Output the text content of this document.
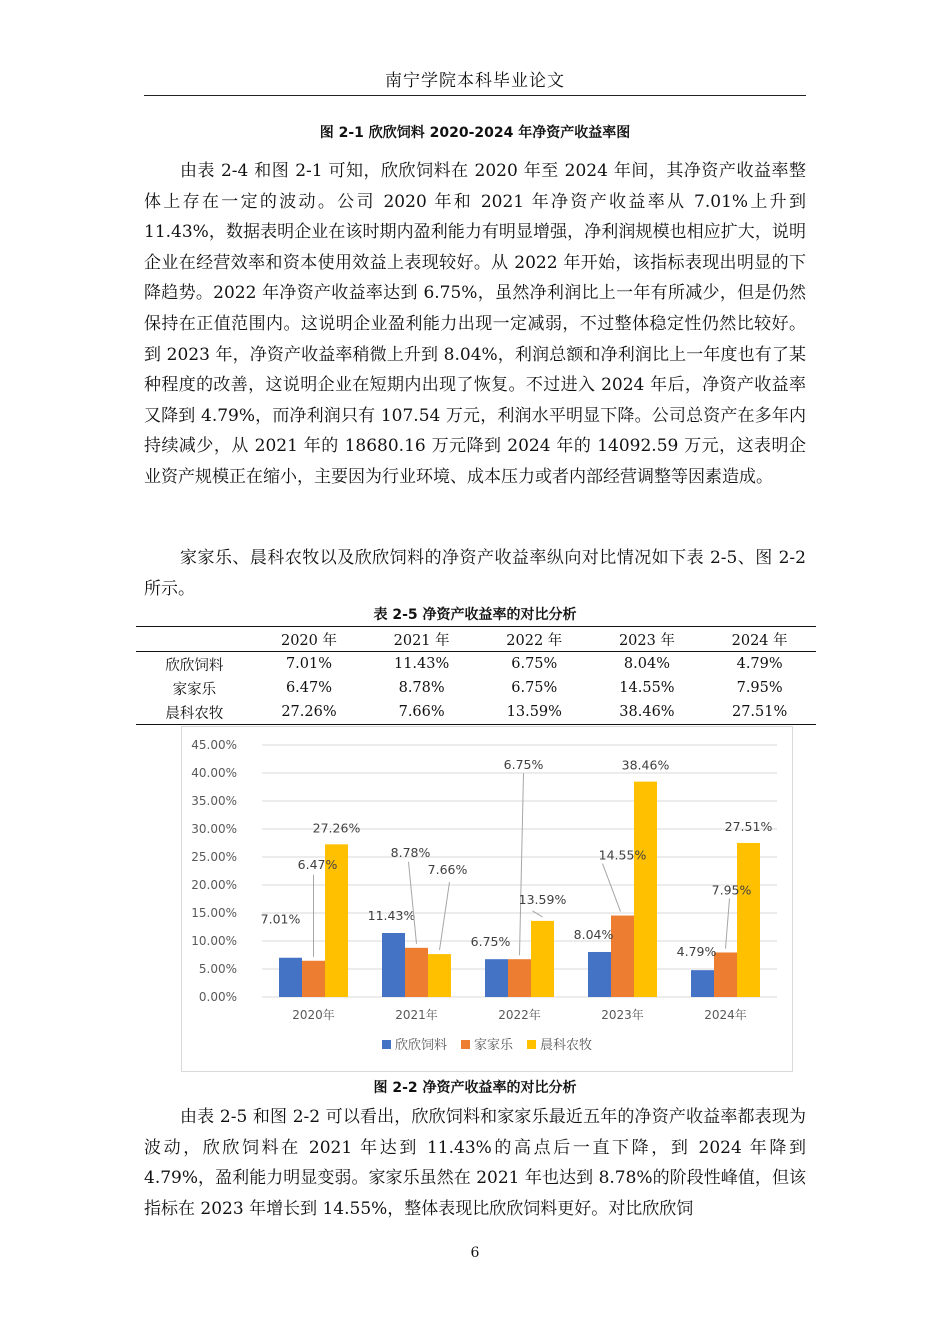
南宁学院本科毕业论文
图 2-1 欣欣饲料 2020-2024 年净资产收益率图

由表 2-4 和图 2-1 可知，欣欣饲料在 2020 年至 2024 年间，其净资产收益率整体上存在一定的波动。公司 2020 年和 2021 年净资产收益率从 7.01%上升到 11.43%，数据表明企业在该时期内盈利能力有明显增强，净利润规模也相应扩大，说明企业在经营效率和资本使用效益上表现较好。从 2022 年开始，该指标表现出明显的下降趋势。2022 年净资产收益率达到 6.75%，虽然净利润比上一年有所减少，但是仍然保持在正值范围内。这说明企业盈利能力出现一定减弱，不过整体稳定性仍然比较好。到 2023 年，净资产收益率稍微上升到 8.04%，利润总额和净利润比上一年度也有了某种程度的改善，这说明企业在短期内出现了恢复。不过进入 2024 年后，净资产收益率又降到 4.79%，而净利润只有 107.54 万元，利润水平明显下降。公司总资产在多年内持续减少，从 2021 年的 18680.16 万元降到 2024 年的 14092.59 万元，这表明企业资产规模正在缩小，主要因为行业环境、成本压力或者内部经营调整等因素造成。

家家乐、晨科农牧以及欣欣饲料的净资产收益率纵向对比情况如下表 2-5、图 2-2 所示。

表 2-5 净资产收益率的对比分析
	2020 年	2021 年	2022 年	2023 年	2024 年
欣欣饲料	7.01%	11.43%	6.75%	8.04%	4.79%
家家乐	6.47%	8.78%	6.75%	14.55%	7.95%
晨科农牧	27.26%	7.66%	13.59%	38.46%	27.51%
0.00%
5.00%
10.00%
15.00%
20.00%
25.00%
30.00%
35.00%
40.00%
45.00%
2020年	2021年	2022年	2023年	2024年
7.01%	11.43%
6.75%	8.04%
4.79%
6.47%
8.78%
6.75%
14.55%
7.95%
27.26%
7.66%
13.59%
38.46%
27.51%
欣欣饲料 家家乐 晨科农牧
图 2-2 净资产收益率的对比分析

由表 2-5 和图 2-2 可以看出，欣欣饲料和家家乐最近五年的净资产收益率都表现为波动，欣欣饲料在 2021 年达到 11.43%的高点后一直下降，到 2024 年降到 4.79%，盈利能力明显变弱。家家乐虽然在 2021 年也达到 8.78%的阶段性峰值，但该指标在 2023 年增长到 14.55%，整体表现比欣欣饲料更好。对比欣欣饲

6
